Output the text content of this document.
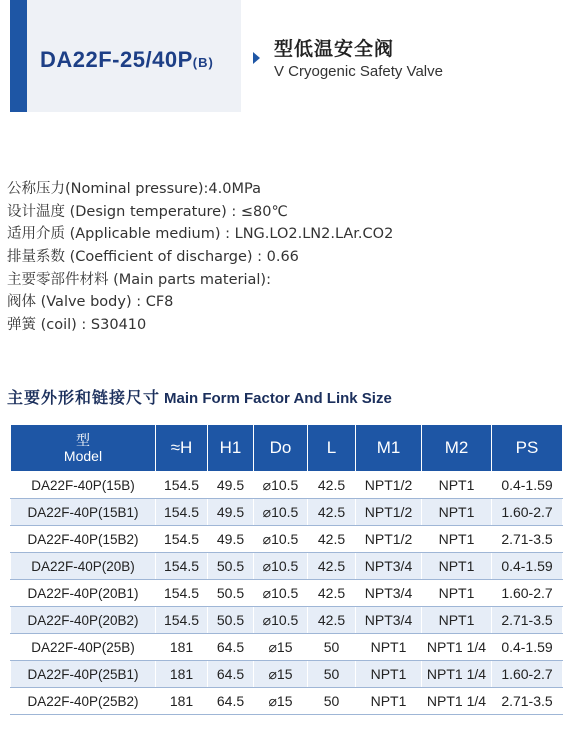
DA22F-25/40P(B)
型低温安全阀
V Cryogenic Safety Valve
公称压力(Nominal pressure):4.0MPa
设计温度 (Design temperature) : ≤80℃
适用介质 (Applicable medium) : LNG.LO2.LN2.LAr.CO2
排量系数 (Coefficient of discharge) : 0.66
主要零部件材料 (Main parts material):
阀体 (Valve body) : CF8
弹簧 (coil) : S30410
主要外形和链接尺寸 Main Form Factor And Link Size
型
Model	≈H	H1	Do	L	M1	M2	PS
DA22F-40P(15B)	154.5	49.5	⌀10.5	42.5	NPT1/2	NPT1	0.4-1.59
DA22F-40P(15B1)	154.5	49.5	⌀10.5	42.5	NPT1/2	NPT1	1.60-2.7
DA22F-40P(15B2)	154.5	49.5	⌀10.5	42.5	NPT1/2	NPT1	2.71-3.5
DA22F-40P(20B)	154.5	50.5	⌀10.5	42.5	NPT3/4	NPT1	0.4-1.59
DA22F-40P(20B1)	154.5	50.5	⌀10.5	42.5	NPT3/4	NPT1	1.60-2.7
DA22F-40P(20B2)	154.5	50.5	⌀10.5	42.5	NPT3/4	NPT1	2.71-3.5
DA22F-40P(25B)	181	64.5	⌀15	50	NPT1	NPT1 1/4	0.4-1.59
DA22F-40P(25B1)	181	64.5	⌀15	50	NPT1	NPT1 1/4	1.60-2.7
DA22F-40P(25B2)	181	64.5	⌀15	50	NPT1	NPT1 1/4	2.71-3.5
